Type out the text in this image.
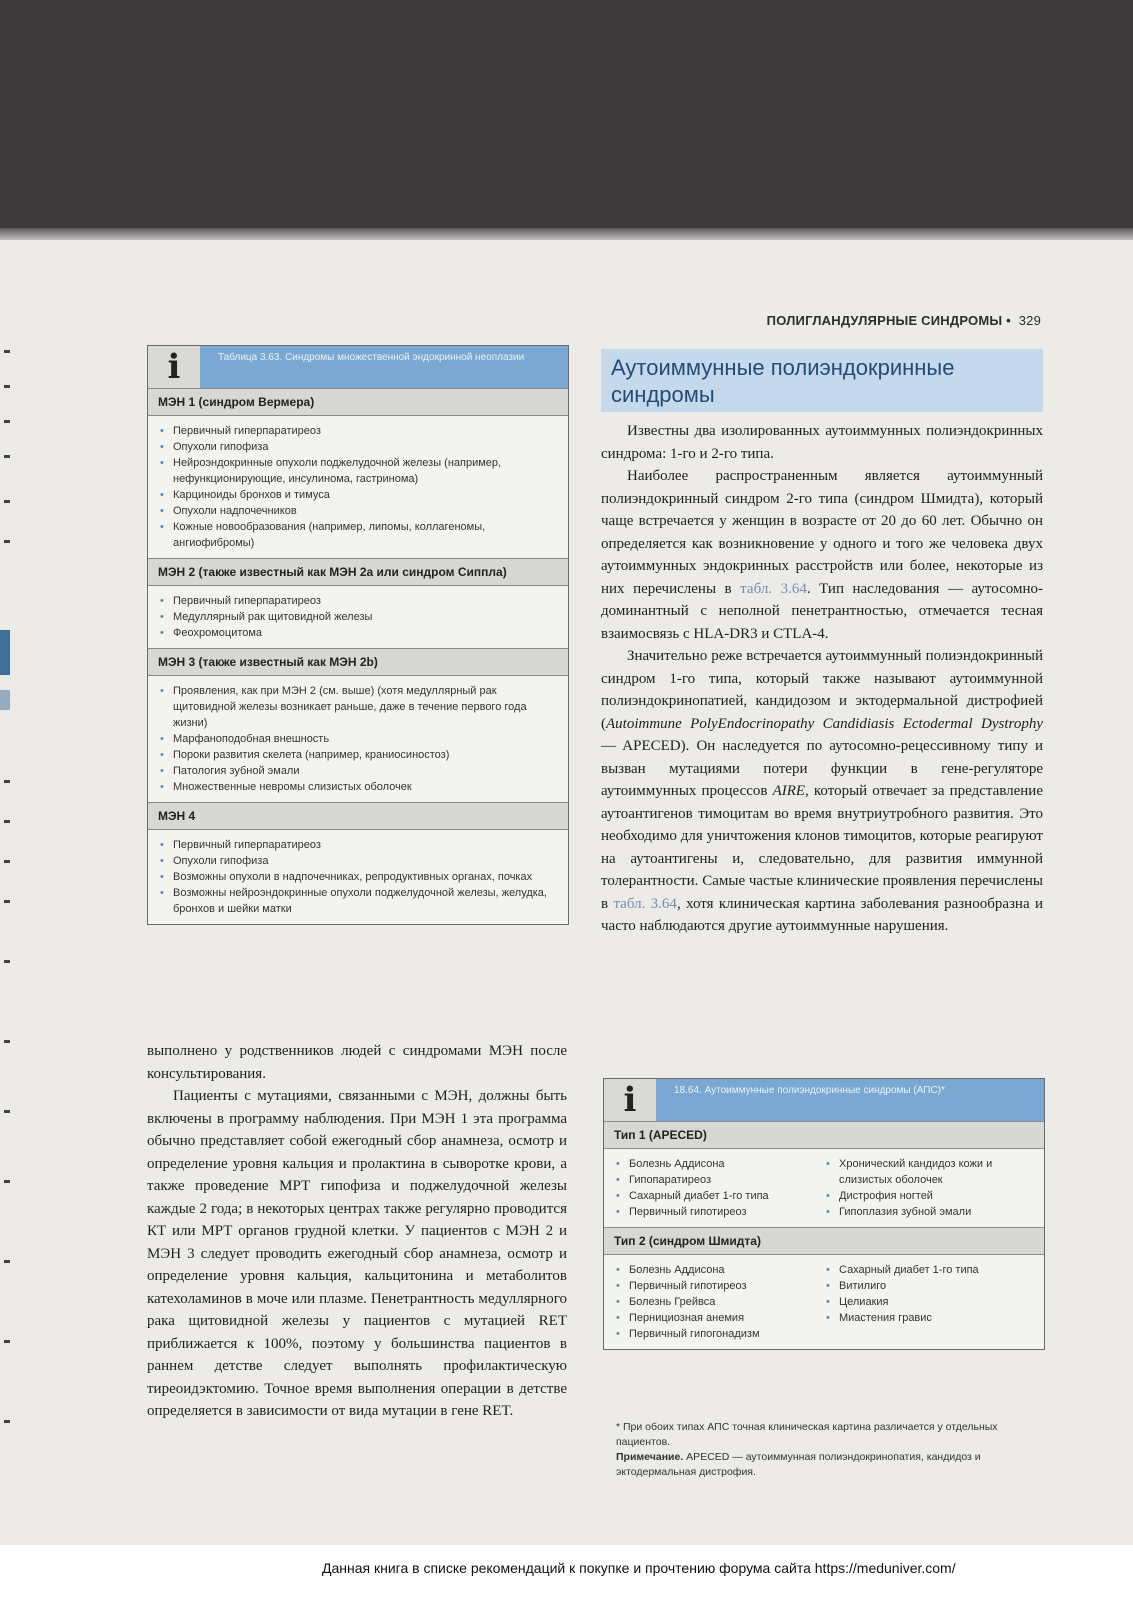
ПОЛИГЛАНДУЛЯРНЫЕ СИНДРОМЫ • 329
i	Таблица 3.63. Синдромы множественной эндокринной неоплазии
МЭН 1 (синдром Вермера)
• Первичный гиперпаратиреоз
• Опухоли гипофиза
• Нейроэндокринные опухоли поджелудочной железы (например, нефункционирующие, инсулинома, гастринома)
• Карциноиды бронхов и тимуса
• Опухоли надпочечников
• Кожные новообразования (например, липомы, коллагеномы, ангиофибромы)
МЭН 2 (также известный как МЭН 2а или синдром Сиппла)
• Первичный гиперпаратиреоз
• Медуллярный рак щитовидной железы
• Феохромоцитома
МЭН 3 (также известный как МЭН 2b)
• Проявления, как при МЭН 2 (см. выше) (хотя медуллярный рак щитовидной железы возникает раньше, даже в течение первого года жизни)
• Марфаноподобная внешность
• Пороки развития скелета (например, краниосиностоз)
• Патология зубной эмали
• Множественные невромы слизистых оболочек
МЭН 4
• Первичный гиперпаратиреоз
• Опухоли гипофиза
• Возможны опухоли в надпочечниках, репродуктивных органах, почках
• Возможны нейроэндокринные опухоли поджелудочной железы, желудка, бронхов и шейки матки

выполнено у родственников людей с синдромами МЭН после консультирования.

Пациенты с мутациями, связанными с МЭН, должны быть включены в программу наблюдения. При МЭН 1 эта программа обычно представляет собой ежегодный сбор анамнеза, осмотр и определение уровня кальция и пролактина в сыворотке крови, а также проведение МРТ гипофиза и поджелудочной железы каждые 2 года; в некоторых центрах также регулярно проводится КТ или МРТ органов грудной клетки. У пациентов с МЭН 2 и МЭН 3 следует проводить ежегодный сбор анамнеза, осмотр и определение уровня кальция, кальцитонина и метаболитов катехоламинов в моче или плазме. Пенетрантность медуллярного рака щитовидной железы у пациентов с мутацией RET приближается к 100%, поэтому у большинства пациентов в раннем детстве следует выполнять профилактическую тиреоидэктомию. Точное время выполнения операции в детстве определяется в зависимости от вида мутации в гене RET.

Аутоиммунные полиэндокринные синдромы

Известны два изолированных аутоиммунных полиэндокринных синдрома: 1-го и 2-го типа.

Наиболее распространенным является аутоиммунный полиэндокринный синдром 2-го типа (синдром Шмидта), который чаще встречается у женщин в возрасте от 20 до 60 лет. Обычно он определяется как возникновение у одного и того же человека двух аутоиммунных эндокринных расстройств или более, некоторые из них перечислены в табл. 3.64. Тип наследования — аутосомно-доминантный с неполной пенетрантностью, отмечается тесная взаимосвязь с HLA-DR3 и CTLA-4.

Значительно реже встречается аутоиммунный полиэндокринный синдром 1-го типа, который также называют аутоиммунной полиэндокринопатией, кандидозом и эктодермальной дистрофией (Autoimmune PolyEndocrinopathy Candidiasis Ectodermal Dystrophy — APECED). Он наследуется по аутосомно-рецессивному типу и вызван мутациями потери функции в гене-регуляторе аутоиммунных процессов AIRE, который отвечает за представление аутоантигенов тимоцитам во время внутриутробного развития. Это необходимо для уничтожения клонов тимоцитов, которые реагируют на аутоантигены и, следовательно, для развития иммунной толерантности. Самые частые клинические проявления перечислены в табл. 3.64, хотя клиническая картина заболевания разнообразна и часто наблюдаются другие аутоиммунные нарушения.

i	18.64. Аутоиммунные полиэндокринные синдромы (АПС)*
Тип 1 (APECED)
• Болезнь Аддисона
• Гипопаратиреоз
• Сахарный диабет 1-го типа
• Первичный гипотиреоз
• Хронический кандидоз кожи и слизистых оболочек
• Дистрофия ногтей
• Гипоплазия зубной эмали
Тип 2 (синдром Шмидта)
• Болезнь Аддисона
• Первичный гипотиреоз
• Болезнь Грейвса
• Пернициозная анемия
• Первичный гипогонадизм
• Сахарный диабет 1-го типа
• Витилиго
• Целиакия
• Миастения гравис
* При обоих типах АПС точная клиническая картина различается у отдельных пациентов.
Примечание. APECED — аутоиммунная полиэндокринопатия, кандидоз и эктодермальная дистрофия.
Данная книга в списке рекомендаций к покупке и прочтению форума сайта https://meduniver.com/
